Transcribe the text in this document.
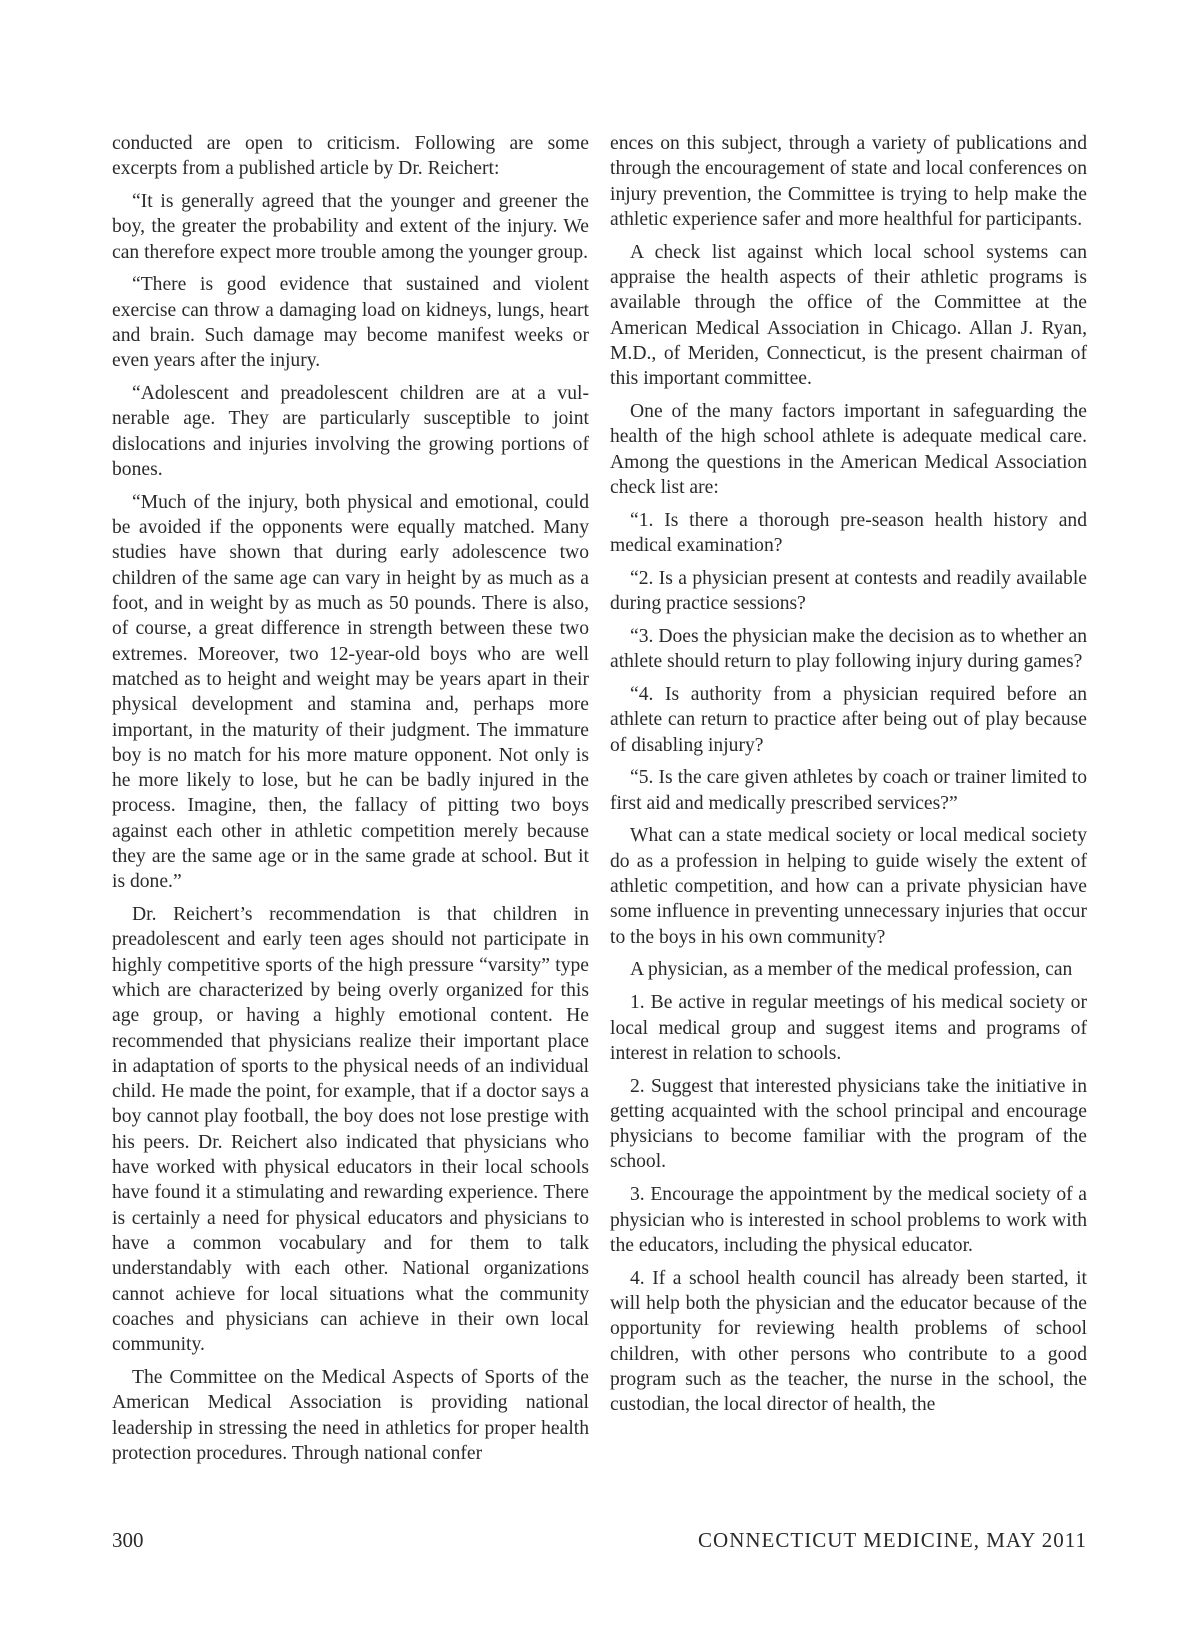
conducted are open to criticism. Following are some excerpts from a published article by Dr. Reichert:

“It is generally agreed that the younger and greener the boy, the greater the probability and extent of the injury. We can therefore expect more trouble among the younger group.

“There is good evidence that sustained and violent exercise can throw a damaging load on kidneys, lungs, heart and brain. Such damage may become manifest weeks or even years after the injury.

“Adolescent and preadolescent children are at a vulnerable age. They are particularly susceptible to joint dislocations and injuries involving the growing portions of bones.

“Much of the injury, both physical and emotional, could be avoided if the opponents were equally matched. Many studies have shown that during early adolescence two children of the same age can vary in height by as much as a foot, and in weight by as much as 50 pounds. There is also, of course, a great difference in strength between these two extremes. Moreover, two 12-year-old boys who are well matched as to height and weight may be years apart in their physical development and stamina and, perhaps more important, in the maturity of their judgment. The immature boy is no match for his more mature opponent. Not only is he more likely to lose, but he can be badly injured in the process. Imagine, then, the fallacy of pitting two boys against each other in athletic competition merely because they are the same age or in the same grade at school. But it is done.”

Dr. Reichert’s recommendation is that children in preadolescent and early teen ages should not participate in highly competitive sports of the high pressure “varsity” type which are characterized by being overly organized for this age group, or having a highly emotional content. He recommended that physicians realize their important place in adaptation of sports to the physical needs of an individual child. He made the point, for example, that if a doctor says a boy cannot play football, the boy does not lose prestige with his peers. Dr. Reichert also indicated that physicians who have worked with physical educators in their local schools have found it a stimulating and rewarding experience. There is certainly a need for physical educators and physicians to have a common vocabulary and for them to talk understandably with each other. National organizations cannot achieve for local situations what the community coaches and physicians can achieve in their own local community.

The Committee on the Medical Aspects of Sports of the American Medical Association is providing national leadership in stressing the need in athletics for proper health protection procedures. Through national confer

ences on this subject, through a variety of publications and through the encouragement of state and local conferences on injury prevention, the Committee is trying to help make the athletic experience safer and more healthful for participants.

A check list against which local school systems can appraise the health aspects of their athletic programs is available through the office of the Committee at the American Medical Association in Chicago. Allan J. Ryan, M.D., of Meriden, Connecticut, is the present chairman of this important committee.

One of the many factors important in safeguarding the health of the high school athlete is adequate medical care. Among the questions in the American Medical Association check list are:

“1. Is there a thorough pre-season health history and medical examination?

“2. Is a physician present at contests and readily available during practice sessions?

“3. Does the physician make the decision as to whether an athlete should return to play following injury during games?

“4. Is authority from a physician required before an athlete can return to practice after being out of play because of disabling injury?

“5. Is the care given athletes by coach or trainer limited to first aid and medically prescribed services?”

What can a state medical society or local medical society do as a profession in helping to guide wisely the extent of athletic competition, and how can a private physician have some influence in preventing unnecessary injuries that occur to the boys in his own community?

A physician, as a member of the medical profession, can

1. Be active in regular meetings of his medical society or local medical group and suggest items and programs of interest in relation to schools.

2. Suggest that interested physicians take the initiative in getting acquainted with the school principal and encourage physicians to become familiar with the program of the school.

3. Encourage the appointment by the medical society of a physician who is interested in school problems to work with the educators, including the physical educator.

4. If a school health council has already been started, it will help both the physician and the educator because of the opportunity for reviewing health problems of school children, with other persons who contribute to a good program such as the teacher, the nurse in the school, the custodian, the local director of health, the

300	CONNECTICUT MEDICINE, MAY 2011
